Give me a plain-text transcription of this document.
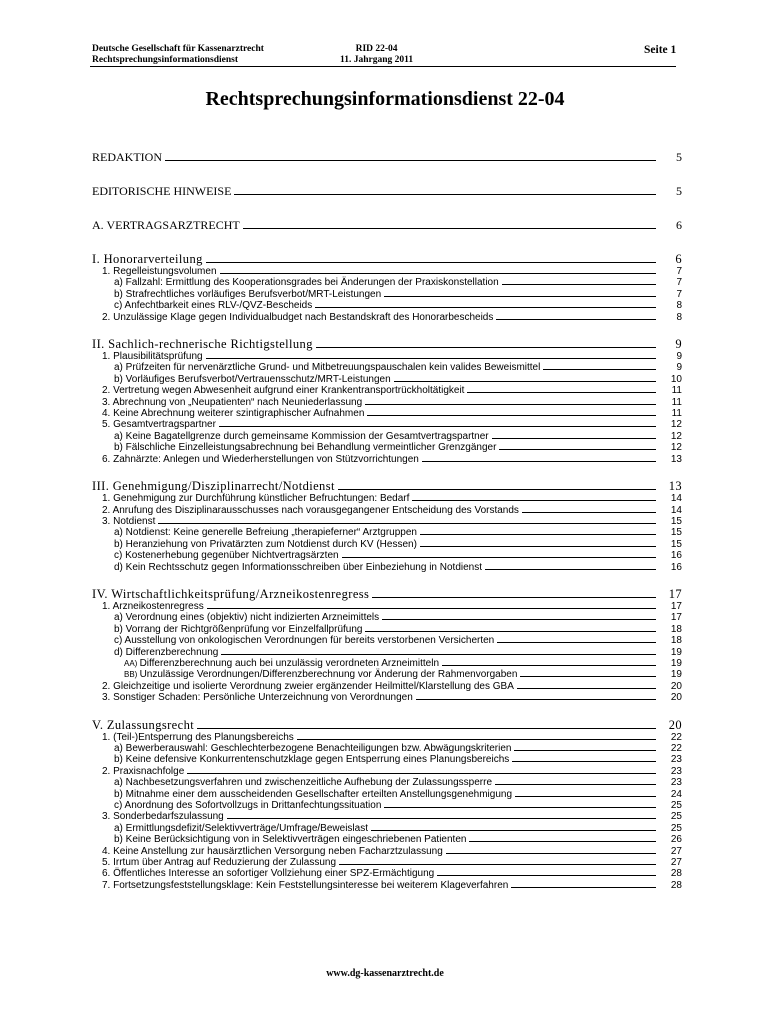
Deutsche Gesellschaft für Kassenarztrecht
Rechtsprechungsinformationsdienst
RID 22-04
11. Jahrgang 2011
Seite 1
Rechtsprechungsinformationsdienst 22-04
REDAKTION	5
EDITORISCHE HINWEISE	5
A. VERTRAGSARZTRECHT	6
I. Honorarverteilung	6
1. Regelleistungsvolumen	7
a) Fallzahl: Ermittlung des Kooperationsgrades bei Änderungen der Praxiskonstellation	7
b) Strafrechtliches vorläufiges Berufsverbot/MRT-Leistungen	7
c) Anfechtbarkeit eines RLV-/QVZ-Bescheids	8
2. Unzulässige Klage gegen Individualbudget nach Bestandskraft des Honorarbescheids	8
II. Sachlich-rechnerische Richtigstellung	9
1. Plausibilitätsprüfung	9
a) Prüfzeiten für nervenärztliche Grund- und Mitbetreuungspauschalen kein valides Beweismittel	9
b) Vorläufiges Berufsverbot/Vertrauensschutz/MRT-Leistungen	10
2. Vertretung wegen Abwesenheit aufgrund einer Krankentransportrückholtätigkeit	11
3. Abrechnung von „Neupatienten“ nach Neuniederlassung	11
4. Keine Abrechnung weiterer szintigraphischer Aufnahmen	11
5. Gesamtvertragspartner	12
a) Keine Bagatellgrenze durch gemeinsame Kommission der Gesamtvertragspartner	12
b) Fälschliche Einzelleistungsabrechnung bei Behandlung vermeintlicher Grenzgänger	12
6. Zahnärzte: Anlegen und Wiederherstellungen von Stützvorrichtungen	13
III. Genehmigung/Disziplinarrecht/Notdienst	13
1. Genehmigung zur Durchführung künstlicher Befruchtungen: Bedarf	14
2. Anrufung des Disziplinarausschusses nach vorausgegangener Entscheidung des Vorstands	14
3. Notdienst	15
a) Notdienst: Keine generelle Befreiung „therapieferner“ Arztgruppen	15
b) Heranziehung von Privatärzten zum Notdienst durch KV (Hessen)	15
c) Kostenerhebung gegenüber Nichtvertragsärzten	16
d) Kein Rechtsschutz gegen Informationsschreiben über Einbeziehung in Notdienst	16
IV. Wirtschaftlichkeitsprüfung/Arzneikostenregress	17
1. Arzneikostenregress	17
a) Verordnung eines (objektiv) nicht indizierten Arzneimittels	17
b) Vorrang der Richtgrößenprüfung vor Einzelfallprüfung	18
c) Ausstellung von onkologischen Verordnungen für bereits verstorbenen Versicherten	18
d) Differenzberechnung	19
AA) Differenzberechnung auch bei unzulässig verordneten Arzneimitteln	19
BB) Unzulässige Verordnungen/Differenzberechnung vor Änderung der Rahmenvorgaben	19
2. Gleichzeitige und isolierte Verordnung zweier ergänzender Heilmittel/Klarstellung des GBA	20
3. Sonstiger Schaden: Persönliche Unterzeichnung von Verordnungen	20
V. Zulassungsrecht	20
1. (Teil-)Entsperrung des Planungsbereichs	22
a) Bewerberauswahl: Geschlechterbezogene Benachteiligungen bzw. Abwägungskriterien	22
b) Keine defensive Konkurrentenschutzklage gegen Entsperrung eines Planungsbereichs	23
2. Praxisnachfolge	23
a) Nachbesetzungsverfahren und zwischenzeitliche Aufhebung der Zulassungssperre	23
b) Mitnahme einer dem ausscheidenden Gesellschafter erteilten Anstellungsgenehmigung	24
c) Anordnung des Sofortvollzugs in Drittanfechtungssituation	25
3. Sonderbedarfszulassung	25
a) Ermittlungsdefizit/Selektivverträge/Umfrage/Beweislast	25
b) Keine Berücksichtigung von in Selektivverträgen eingeschriebenen Patienten	26
4. Keine Anstellung zur hausärztlichen Versorgung neben Facharztzulassung	27
5. Irrtum über Antrag auf Reduzierung der Zulassung	27
6. Öffentliches Interesse an sofortiger Vollziehung einer SPZ-Ermächtigung	28
7. Fortsetzungsfeststellungsklage: Kein Feststellungsinteresse bei weiterem Klageverfahren	28
www.dg-kassenarztrecht.de
